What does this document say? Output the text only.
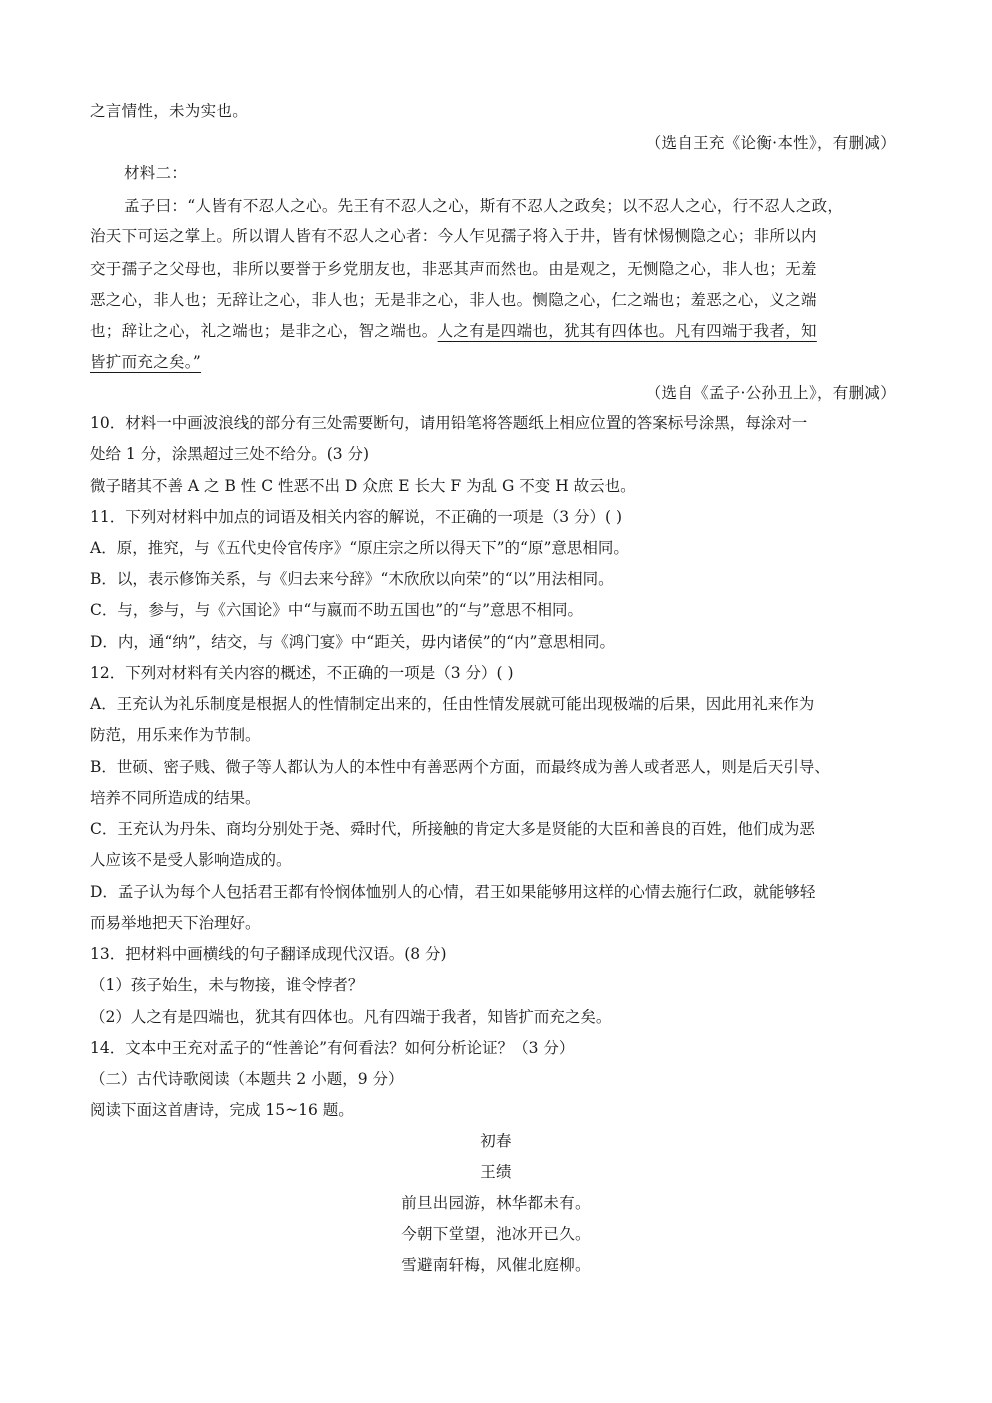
之言情性，未为实也。
（选自王充《论衡·本性》，有删减）
材料二：
孟子曰：“人皆有不忍人之心。先王有不忍人之心，斯有不忍人之政矣；以不忍人之心，行不忍人之政，
治天下可运之掌上。所以谓人皆有不忍人之心者：今人乍见孺子将入于井，皆有怵惕恻隐之心；非所以内
交于孺子之父母也，非所以要誉于乡党朋友也，非恶其声而然也。由是观之，无恻隐之心，非人也；无羞
恶之心，非人也；无辞让之心，非人也；无是非之心，非人也。恻隐之心，仁之端也；羞恶之心，义之端
也；辞让之心，礼之端也；是非之心，智之端也。人之有是四端也，犹其有四体也。凡有四端于我者，知
皆扩而充之矣。”
（选自《孟子·公孙丑上》，有删减）
10．材料一中画波浪线的部分有三处需要断句，请用铅笔将答题纸上相应位置的答案标号涂黑，每涂对一
处给 1 分，涂黑超过三处不给分。(3 分)
微子睹其不善 A 之 B 性 C 性恶不出 D 众庶 E 长大 F 为乱 G 不变 H 故云也。
11．下列对材料中加点的词语及相关内容的解说，不正确的一项是（3 分）( )
A．原，推究，与《五代史伶官传序》“原庄宗之所以得天下”的“原”意思相同。
B．以，表示修饰关系，与《归去来兮辞》“木欣欣以向荣”的“以”用法相同。
C．与，参与，与《六国论》中“与嬴而不助五国也”的“与”意思不相同。
D．内，通“纳”，结交，与《鸿门宴》中“距关，毋内诸侯”的“内”意思相同。
12．下列对材料有关内容的概述，不正确的一项是（3 分）( )
A．王充认为礼乐制度是根据人的性情制定出来的，任由性情发展就可能出现极端的后果，因此用礼来作为
防范，用乐来作为节制。
B．世硕、密子贱、微子等人都认为人的本性中有善恶两个方面，而最终成为善人或者恶人，则是后天引导、
培养不同所造成的结果。
C．王充认为丹朱、商均分别处于尧、舜时代，所接触的肯定大多是贤能的大臣和善良的百姓，他们成为恶
人应该不是受人影响造成的。
D．孟子认为每个人包括君王都有怜悯体恤别人的心情，君王如果能够用这样的心情去施行仁政，就能够轻
而易举地把天下治理好。
13．把材料中画横线的句子翻译成现代汉语。(8 分)
（1）孩子始生，未与物接，谁令悖者？
（2）人之有是四端也，犹其有四体也。凡有四端于我者，知皆扩而充之矣。
14．文本中王充对孟子的“性善论”有何看法？如何分析论证？（3 分）
（二）古代诗歌阅读（本题共 2 小题，9 分）
阅读下面这首唐诗，完成 15~16 题。
初春
王绩
前旦出园游，林华都未有。
今朝下堂望，池冰开已久。
雪避南轩梅，风催北庭柳。
